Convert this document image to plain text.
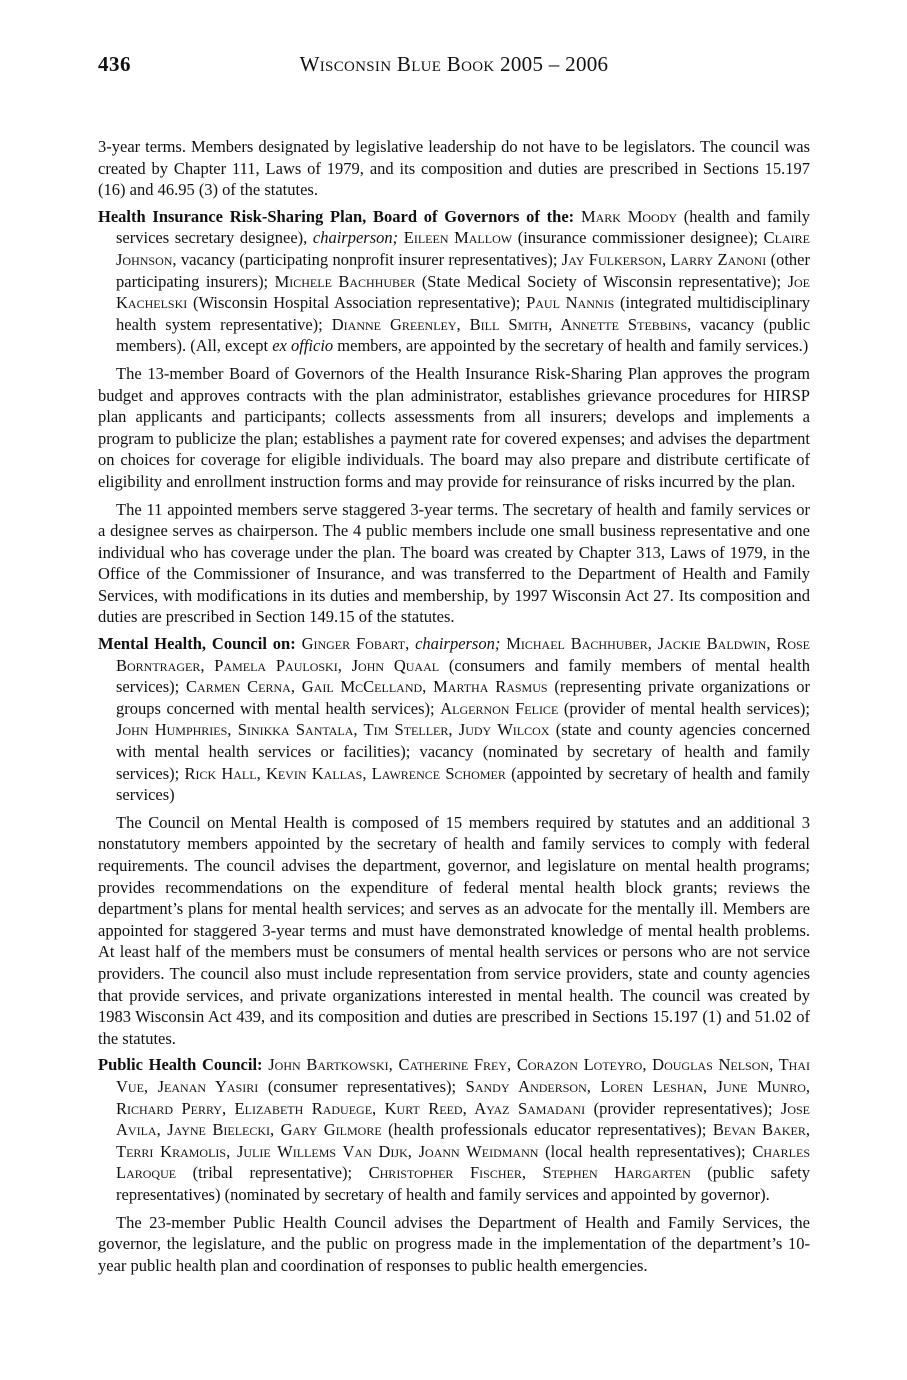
436	Wisconsin Blue Book 2005 – 2006

3-year terms. Members designated by legislative leadership do not have to be legislators. The council was created by Chapter 111, Laws of 1979, and its composition and duties are prescribed in Sections 15.197 (16) and 46.95 (3) of the statutes.

Health Insurance Risk-Sharing Plan, Board of Governors of the: Mark Moody (health and family services secretary designee), chairperson; Eileen Mallow (insurance commissioner designee); Claire Johnson, vacancy (participating nonprofit insurer representatives); Jay Fulkerson, Larry Zanoni (other participating insurers); Michele Bachhuber (State Medical Society of Wisconsin representative); Joe Kachelski (Wisconsin Hospital Association representative); Paul Nannis (integrated multidisciplinary health system representative); Dianne Greenley, Bill Smith, Annette Stebbins, vacancy (public members). (All, except ex officio members, are appointed by the secretary of health and family services.)

The 13-member Board of Governors of the Health Insurance Risk-Sharing Plan approves the program budget and approves contracts with the plan administrator, establishes grievance procedures for HIRSP plan applicants and participants; collects assessments from all insurers; develops and implements a program to publicize the plan; establishes a payment rate for covered expenses; and advises the department on choices for coverage for eligible individuals. The board may also prepare and distribute certificate of eligibility and enrollment instruction forms and may provide for reinsurance of risks incurred by the plan.

The 11 appointed members serve staggered 3-year terms. The secretary of health and family services or a designee serves as chairperson. The 4 public members include one small business representative and one individual who has coverage under the plan. The board was created by Chapter 313, Laws of 1979, in the Office of the Commissioner of Insurance, and was transferred to the Department of Health and Family Services, with modifications in its duties and membership, by 1997 Wisconsin Act 27. Its composition and duties are prescribed in Section 149.15 of the statutes.

Mental Health, Council on: Ginger Fobart, chairperson; Michael Bachhuber, Jackie Baldwin, Rose Borntrager, Pamela Pauloski, John Quaal (consumers and family members of mental health services); Carmen Cerna, Gail McCelland, Martha Rasmus (representing private organizations or groups concerned with mental health services); Algernon Felice (provider of mental health services); John Humphries, Sinikka Santala, Tim Steller, Judy Wilcox (state and county agencies concerned with mental health services or facilities); vacancy (nominated by secretary of health and family services); Rick Hall, Kevin Kallas, Lawrence Schomer (appointed by secretary of health and family services)

The Council on Mental Health is composed of 15 members required by statutes and an additional 3 nonstatutory members appointed by the secretary of health and family services to comply with federal requirements. The council advises the department, governor, and legislature on mental health programs; provides recommendations on the expenditure of federal mental health block grants; reviews the department’s plans for mental health services; and serves as an advocate for the mentally ill. Members are appointed for staggered 3-year terms and must have demonstrated knowledge of mental health problems. At least half of the members must be consumers of mental health services or persons who are not service providers. The council also must include representation from service providers, state and county agencies that provide services, and private organizations interested in mental health. The council was created by 1983 Wisconsin Act 439, and its composition and duties are prescribed in Sections 15.197 (1) and 51.02 of the statutes.

Public Health Council: John Bartkowski, Catherine Frey, Corazon Loteyro, Douglas Nelson, Thai Vue, Jeanan Yasiri (consumer representatives); Sandy Anderson, Loren Leshan, June Munro, Richard Perry, Elizabeth Raduege, Kurt Reed, Ayaz Samadani (provider representatives); Jose Avila, Jayne Bielecki, Gary Gilmore (health professionals educator representatives); Bevan Baker, Terri Kramolis, Julie Willems Van Dijk, Joann Weidmann (local health representatives); Charles Laroque (tribal representative); Christopher Fischer, Stephen Hargarten (public safety representatives) (nominated by secretary of health and family services and appointed by governor).

The 23-member Public Health Council advises the Department of Health and Family Services, the governor, the legislature, and the public on progress made in the implementation of the department’s 10-year public health plan and coordination of responses to public health emergencies.
